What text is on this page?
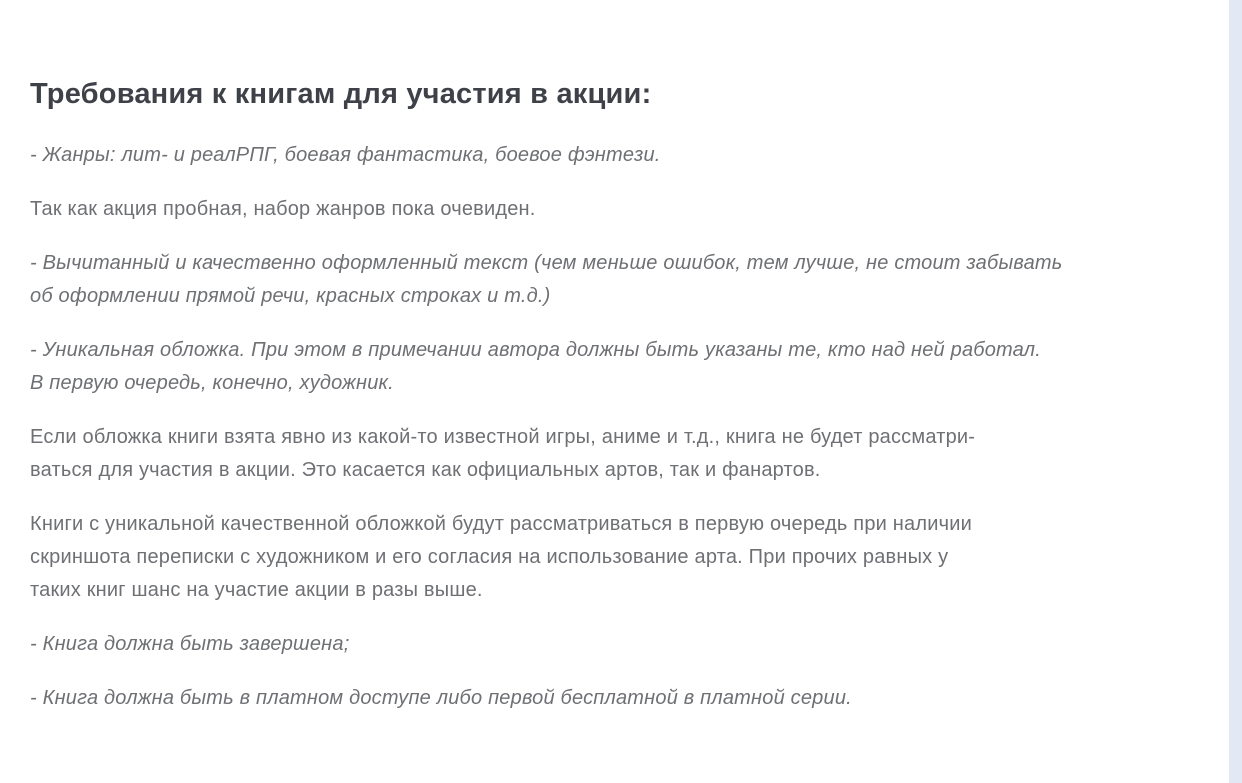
Требования к книгам для участия в акции:

- Жанры: лит- и реалРПГ, боевая фантастика, боевое фэнтези.

Так как акция пробная, набор жанров пока очевиден.

- Вычитанный и качественно оформленный текст (чем меньше ошибок, тем лучше, не стоит забывать
об оформлении прямой речи, красных строках и т.д.)

- Уникальная обложка. При этом в примечании автора должны быть указаны те, кто над ней работал.
В первую очередь, конечно, художник.

Если обложка книги взята явно из какой-то известной игры, аниме и т.д., книга не будет рассматри-
ваться для участия в акции. Это касается как официальных артов, так и фанартов.

Книги с уникальной качественной обложкой будут рассматриваться в первую очередь при наличии
скриншота переписки с художником и его согласия на использование арта. При прочих равных у
таких книг шанс на участие акции в разы выше.

- Книга должна быть завершена;

- Книга должна быть в платном доступе либо первой бесплатной в платной серии.
